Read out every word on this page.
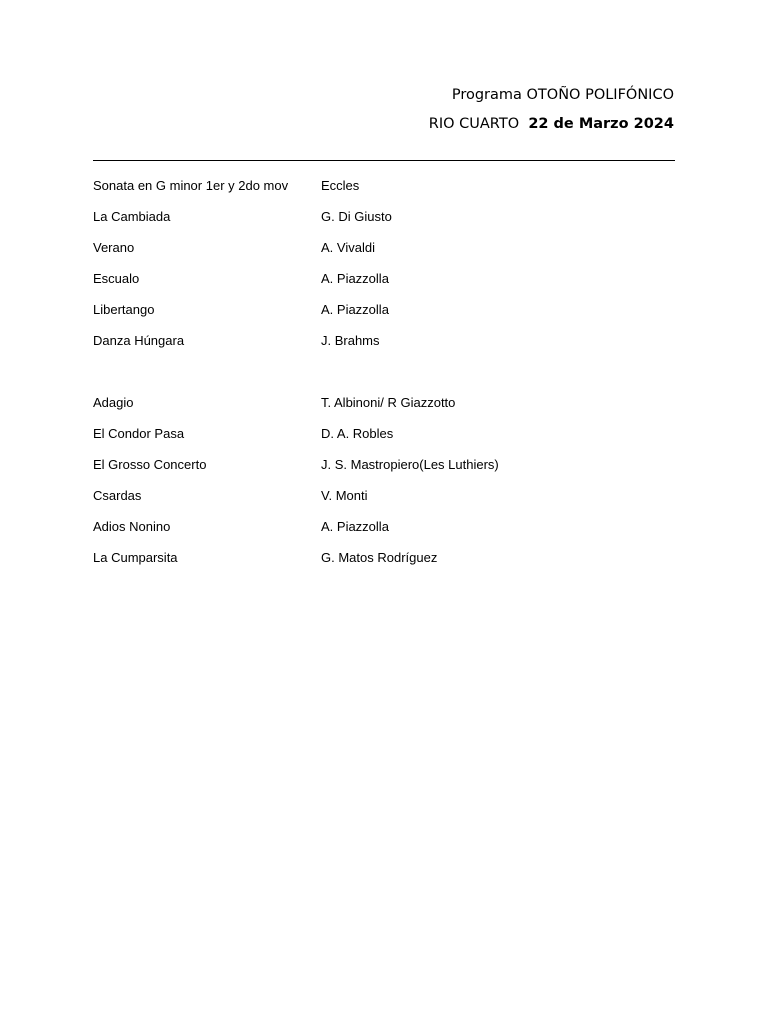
Programa OTOÑO POLIFÓNICO
RIO CUARTO  22 de Marzo 2024
Sonata en G minor 1er y 2do mov	Eccles
La Cambiada	G. Di Giusto
Verano	A. Vivaldi
Escualo	A. Piazzolla
Libertango	A. Piazzolla
Danza Húngara	J. Brahms
Adagio	T. Albinoni/ R Giazzotto
El Condor Pasa	D. A. Robles
El Grosso Concerto	J. S. Mastropiero(Les Luthiers)
Csardas	V. Monti
Adios Nonino	A. Piazzolla
La Cumparsita	G. Matos Rodríguez
